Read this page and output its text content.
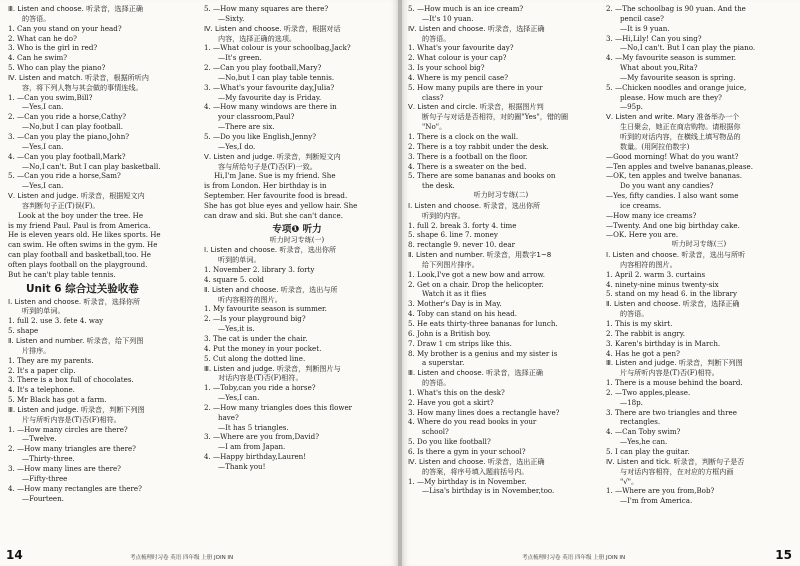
Ⅲ. Listen and choose. 听录音，选择正确
的答语。
1. Can you stand on your head?
2. What can he do?
3. Who is the girl in red?
4. Can he swim?
5. Who can play the piano?
Ⅳ. Listen and match. 听录音，根据所听内
容，将下列人物与其会做的事情连线。
1. —Can you swim,Bill?
—Yes,I can.
2. —Can you ride a horse,Cathy?
—No,but I can play football.
3. —Can you play the piano,John?
—Yes,I can.
4. —Can you play football,Mark?
—No,I can't. But I can play basketball.
5. —Can you ride a horse,Sam?
—Yes,I can.
Ⅴ. Listen and judge. 听录音，根据短文内
容判断句子正(T)误(F)。
Look at the boy under the tree. He
is my friend Paul. Paul is from America.
He is eleven years old. He likes sports. He
can swim. He often swims in the gym. He
can play football and basketball,too. He
often plays football on the playground.
But he can't play table tennis.
Unit 6 综合过关验收卷
Ⅰ. Listen and choose. 听录音，选择你所
听到的单词。
1. full 2. use 3. fete 4. way
5. shape
Ⅱ. Listen and number. 听录音，给下列图
片排序。
1. They are my parents.
2. It's a paper clip.
3. There is a box full of chocolates.
4. It's a telephone.
5. Mr Black has got a farm.
Ⅲ. Listen and judge. 听录音，判断下列图
片与所听内容是(T)否(F)相符。
1. —How many circles are there?
—Twelve.
2. —How many triangles are there?
—Thirty-three.
3. —How many lines are there?
—Fifty-three
4. —How many rectangles are there?
—Fourteen.
5. —How many squares are there?
—Sixty.
Ⅳ. Listen and choose. 听录音，根据对话
内容，选择正确的选项。
1. —What colour is your schoolbag,Jack?
—It's green.
2. —Can you play football,Mary?
—No,but I can play table tennis.
3. —What's your favourite day,Julia?
—My favourite day is Friday.
4. —How many windows are there in
your classroom,Paul?
—There are six.
5. —Do you like English,Jenny?
—Yes,I do.
Ⅴ. Listen and judge. 听录音，判断短文内
容与所给句子是(T)否(F)一致。
Hi,I'm Jane. Sue is my friend. She
is from London. Her birthday is in
September. Her favourite food is bread.
She has got blue eyes and yellow hair. She
can draw and ski. But she can't dance.
专项❶ 听力
听力时习专练(一)
Ⅰ. Listen and choose. 听录音，选出你所
听到的单词。
1. November 2. library 3. forty
4. square 5. cold
Ⅱ. Listen and choose. 听录音，选出与所
听内容相符的图片。
1. My favourite season is summer.
2. —Is your playground big?
—Yes,it is.
3. The cat is under the chair.
4. Put the money in your pocket.
5. Cut along the dotted line.
Ⅲ. Listen and judge. 听录音，判断图片与
对话内容是(T)否(F)相符。
1. —Toby,can you ride a horse?
—Yes,I can.
2. —How many triangles does this flower
have?
—It has 5 triangles.
3. —Where are you from,David?
—I am from Japan.
4. —Happy birthday,Lauren!
—Thank you!
14	考点梳理时习卷 英语 四年级 上册 JOIN IN
5. —How much is an ice cream?
—It's 10 yuan.
Ⅳ. Listen and choose. 听录音，选择正确
的答语。
1. What's your favourite day?
2. What colour is your cap?
3. Is your school big?
4. Where is my pencil case?
5. How many pupils are there in your
class?
Ⅴ. Listen and circle. 听录音，根据图片判
断句子与对话是否相符，对的圈"Yes"，错的圈
"No"。
1. There is a clock on the wall.
2. There is a toy rabbit under the desk.
3. There is a football on the floor.
4. There is a sweater on the bed.
5. There are some bananas and books on
the desk.
听力时习专练(二)
Ⅰ. Listen and choose. 听录音，选出你所
听到的内容。
1. full 2. break 3. forty 4. time
5. shape 6. line 7. money
8. rectangle 9. never 10. dear
Ⅱ. Listen and number. 听录音，用数字1~8
给下列图片排序。
1. Look,I've got a new bow and arrow.
2. Get on a chair. Drop the helicopter.
Watch it as it flies
3. Mother's Day is in May.
4. Toby can stand on his head.
5. He eats thirty-three bananas for lunch.
6. John is a British boy.
7. Draw 1 cm strips like this.
8. My brother is a genius and my sister is
a superstar.
Ⅲ. Listen and choose. 听录音，选择正确
的答语。
1. What's this on the desk?
2. Have you got a skirt?
3. How many lines does a rectangle have?
4. Where do you read books in your
school?
5. Do you like football?
6. Is there a gym in your school?
Ⅳ. Listen and choose. 听录音，选出正确
的答案，将序号填入题前括号内。
1. —My birthday is in November.
—Lisa's birthday is in November,too.
2. —The schoolbag is 90 yuan. And the
pencil case?
—It is 9 yuan.
3. —Hi,Lily! Can you sing?
—No,I can't. But I can play the piano.
4. —My favourite season is summer.
What about you,Rita?
—My favourite season is spring.
5. —Chicken noodles and orange juice,
please. How much are they?
—95p.
Ⅴ. Listen and write. Mary 准备举办一个
生日聚会，她正在商店购物。请根据你
听到的对话内容，在横线上填写物品的
数量。(用阿拉伯数字)
—Good morning! What do you want?
—Ten apples and twelve bananas,please.
—OK, ten apples and twelve bananas.
Do you want any candies?
—Yes, fifty candies. I also want some
ice creams.
—How many ice creams?
—Twenty. And one big birthday cake.
—OK. Here you are.
听力时习专练(三)
Ⅰ. Listen and choose. 听录音，选出与所听
内容相符的图片。
1. April 2. warm 3. curtains
4. ninety-nine minus twenty-six
5. stand on my head 6. in the library
Ⅱ. Listen and choose. 听录音，选择正确
的答语。
1. This is my skirt.
2. The rabbit is angry.
3. Karen's birthday is in March.
4. Has he got a pen?
Ⅲ. Listen and judge. 听录音，判断下列图
片与所听内容是(T)否(F)相符。
1. There is a mouse behind the board.
2. —Two apples,please.
—18p.
3. There are two triangles and three
rectangles.
4. —Can Toby swim?
—Yes,he can.
5. I can play the guitar.
Ⅳ. Listen and tick. 听录音，判断句子是否
与对话内容相符，在对应的方框内画
"√"。
1. —Where are you from,Bob?
—I'm from America.
考点梳理时习卷 英语 四年级 上册 JOIN IN	15
